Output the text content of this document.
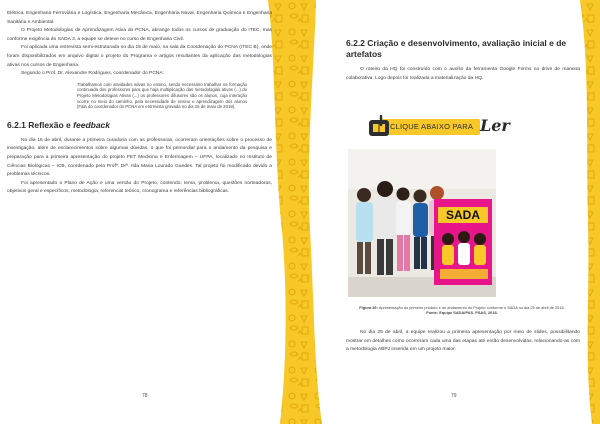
Elétrica, Engenharia Ferroviária e Logística, Engenharia Mecânica, Engenharia Naval, Engenharia Química e Engenharia Sanitária e Ambiental.

O Projeto Metodologias de Aprendizagem Ativa do PCNA, abrange todos os cursos de graduação do ITEC, mas conforme exigência do SADA 3, a equipe se deteve no curso de Engenharia Civil.

Foi aplicada uma entrevista semi-estruturada no dia 15 de maio, na sala da Coordenação do PCNA (ITEC B), onde foram disponibilizados em arquivo digital o projeto do Programa e artigos resultantes da aplicação das metodologias ativas nos cursos de Engenharia.

Segundo o Prof. Dr. Alexandre Rodrigues, coordenador do PCNA:

Trabalhamos com atividades ativas no ensino, sendo necessário trabalhar na formação continuada dos professores para que haja multiplicação das metodologias ativas (...) do Projeto Metodologias Ativas (...) os professores difusores são os alunos, cuja interação ocorre no meio do caminho, pela necessidade de ensino e aprendizagem dos alunos (Fala do coordenador do PCNA em entrevista gravada no dia 15 de maio de 2018).
6.2.1 Reflexão e feedback

No dia 16 de abril, durante a primeira curadoria com as professoras, ocorreram orientações sobre o processo de investigação, além de esclarecimentos sobre algumas dúvidas, o que foi primordial para o andamento da pesquisa e preparação para a primeira apresentação do projeto FET Medicina e Enfermagem – UFPA, localizado no Instituto de Ciências Biológicas – ICB, coordenado pela Profª. Drª. Ilda Maria Lourado Guedes. Tal projeto foi modificado devido a problemas técnicos.

Foi apresentado o Plano de Ação e uma versão do Projeto, contendo: tema, problema, questões norteadoras, objetivos geral e específicos, metodologia, referencial teórico, cronograma e referências bibliográficas.

78
6.2.2 Criação e desenvolvimento, avaliação inicial e de artefatos

O roteiro da HQ foi construído com o auxílio da ferramenta Google Forms no drive de maneira colaborativa. Logo depois foi realizada a materialização da HQ.

CLIQUE ABAIXO PARA Ler
SADA
Figura 39: Apresentação do primeiro produto e do andamento do Projeto conforme o SADA no dia 25 de abril de 2018.
Fonte: Equipe SADA/PAS. PSAS, 2018.

No dia 25 de abril, a equipe realizou a primeira apresentação por meio de slides, possibilitando mostrar em detalhes como ocorreram cada uma das etapas até então desenvolvidas, relacionando-as com a metodologia ABPJ inserida em um projeto maior.

79
